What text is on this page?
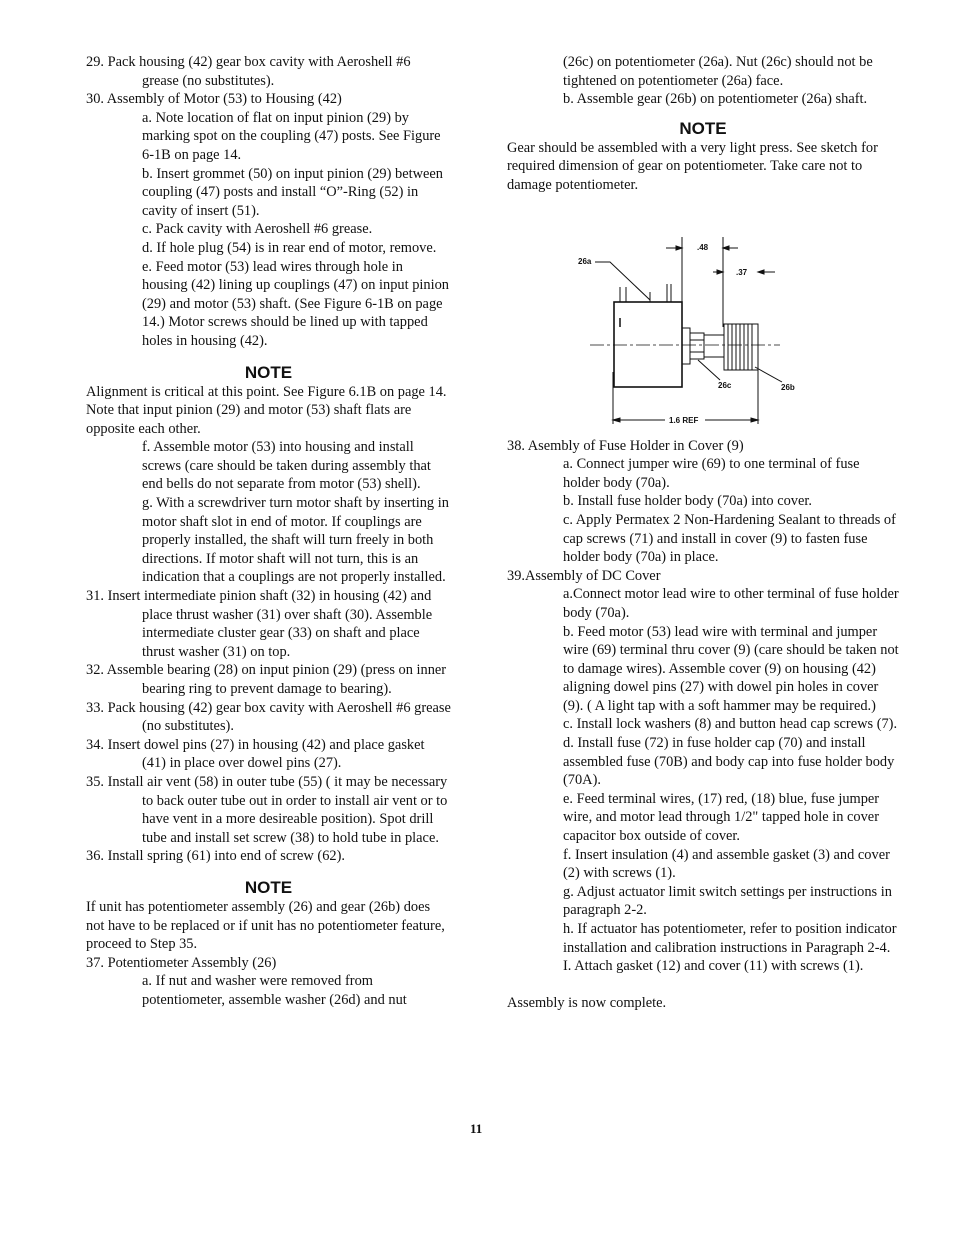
29. Pack housing (42) gear box cavity with Aeroshell #6

grease (no substitutes).

30. Assembly of Motor (53) to Housing (42)

a. Note location of flat on input pinion (29) by marking spot on the coupling (47) posts. See Figure 6-1B on page 14.

b. Insert grommet (50) on input pinion (29) between coupling (47) posts and install “O”-Ring (52) in cavity of insert (51).

c. Pack cavity with Aeroshell #6 grease.

d. If hole plug (54) is in rear end of motor, remove.

e. Feed motor (53) lead wires through hole in housing (42) lining up couplings (47) on input pinion (29) and motor (53) shaft. (See Figure 6-1B on page 14.) Motor screws should be lined up with tapped holes in housing (42).

NOTE

Alignment is critical at this point. See Figure 6.1B on page 14. Note that input pinion (29) and motor (53) shaft flats are opposite each other.

f. Assemble motor (53) into housing and install screws (care should be taken during assembly that end bells do not separate from motor (53) shell).

g. With a screwdriver turn motor shaft by inserting in motor shaft slot in end of motor. If couplings are properly installed, the shaft will turn freely in both directions. If motor shaft will not turn, this is an indication that a couplings are not properly installed.

31. Insert intermediate pinion shaft (32) in housing (42) and place thrust washer (31) over shaft (30). Assemble intermediate cluster gear (33) on shaft and place thrust washer (31) on top.

32. Assemble bearing (28) on input pinion (29) (press on inner bearing ring to prevent damage to bearing).

33. Pack housing (42) gear box cavity with Aeroshell #6 grease (no substitutes).

34. Insert dowel pins (27) in housing (42) and place gasket (41) in place over dowel pins (27).

35. Install air vent (58) in outer tube (55) ( it may be necessary to back outer tube out in order to install air vent or to have vent in a more desireable position). Spot drill tube and install set screw (38) to hold tube in place.

36. Install spring (61) into end of screw (62).

NOTE

If unit has potentiometer assembly (26) and gear (26b) does not have to be replaced or if unit has no potentiometer feature, proceed to Step 35.

37. Potentiometer Assembly (26)

a. If nut and washer were removed from potentiometer, assemble washer (26d) and nut

(26c) on potentiometer (26a). Nut (26c) should not be tightened on potentiometer (26a) face.

b. Assemble gear (26b) on potentiometer (26a) shaft.

NOTE

Gear should be assembled with a very light press. See sketch for required dimension of gear on potentiometer. Take care not to damage potentiometer.

38. Asembly of Fuse Holder in Cover (9)

a. Connect jumper wire (69) to one terminal of fuse holder body (70a).

b. Install fuse holder body (70a) into cover.

c. Apply Permatex 2 Non-Hardening Sealant to threads of cap screws (71) and install in cover (9) to fasten fuse holder body (70a) in place.

39.Assembly of DC Cover

a.Connect motor lead wire to other terminal of fuse holder body (70a).

b. Feed motor (53) lead wire with terminal and jumper wire (69) terminal thru cover (9) (care should be taken not to damage wires). Assemble cover (9) on housing (42) aligning dowel pins (27) with dowel pin holes in cover (9). ( A light tap with a soft hammer may be required.)

c. Install lock washers (8) and button head cap screws (7).

d. Install fuse (72) in fuse holder cap (70) and install assembled fuse (70B) and body cap into fuse holder body (70A).

e. Feed terminal wires, (17) red, (18) blue, fuse jumper wire, and motor lead through 1/2" tapped hole in cover capacitor box outside of cover.

f. Insert insulation (4) and assemble gasket (3) and cover (2) with screws (1).

g. Adjust actuator limit switch settings per instructions in paragraph 2-2.

h. If actuator has potentiometer, refer to position indicator installation and calibration instructions in Paragraph 2-4.

I. Attach gasket (12) and cover (11) with screws (1).

Assembly is now complete.

26a
.48
.37
26c	26b
1.6 REF
11
